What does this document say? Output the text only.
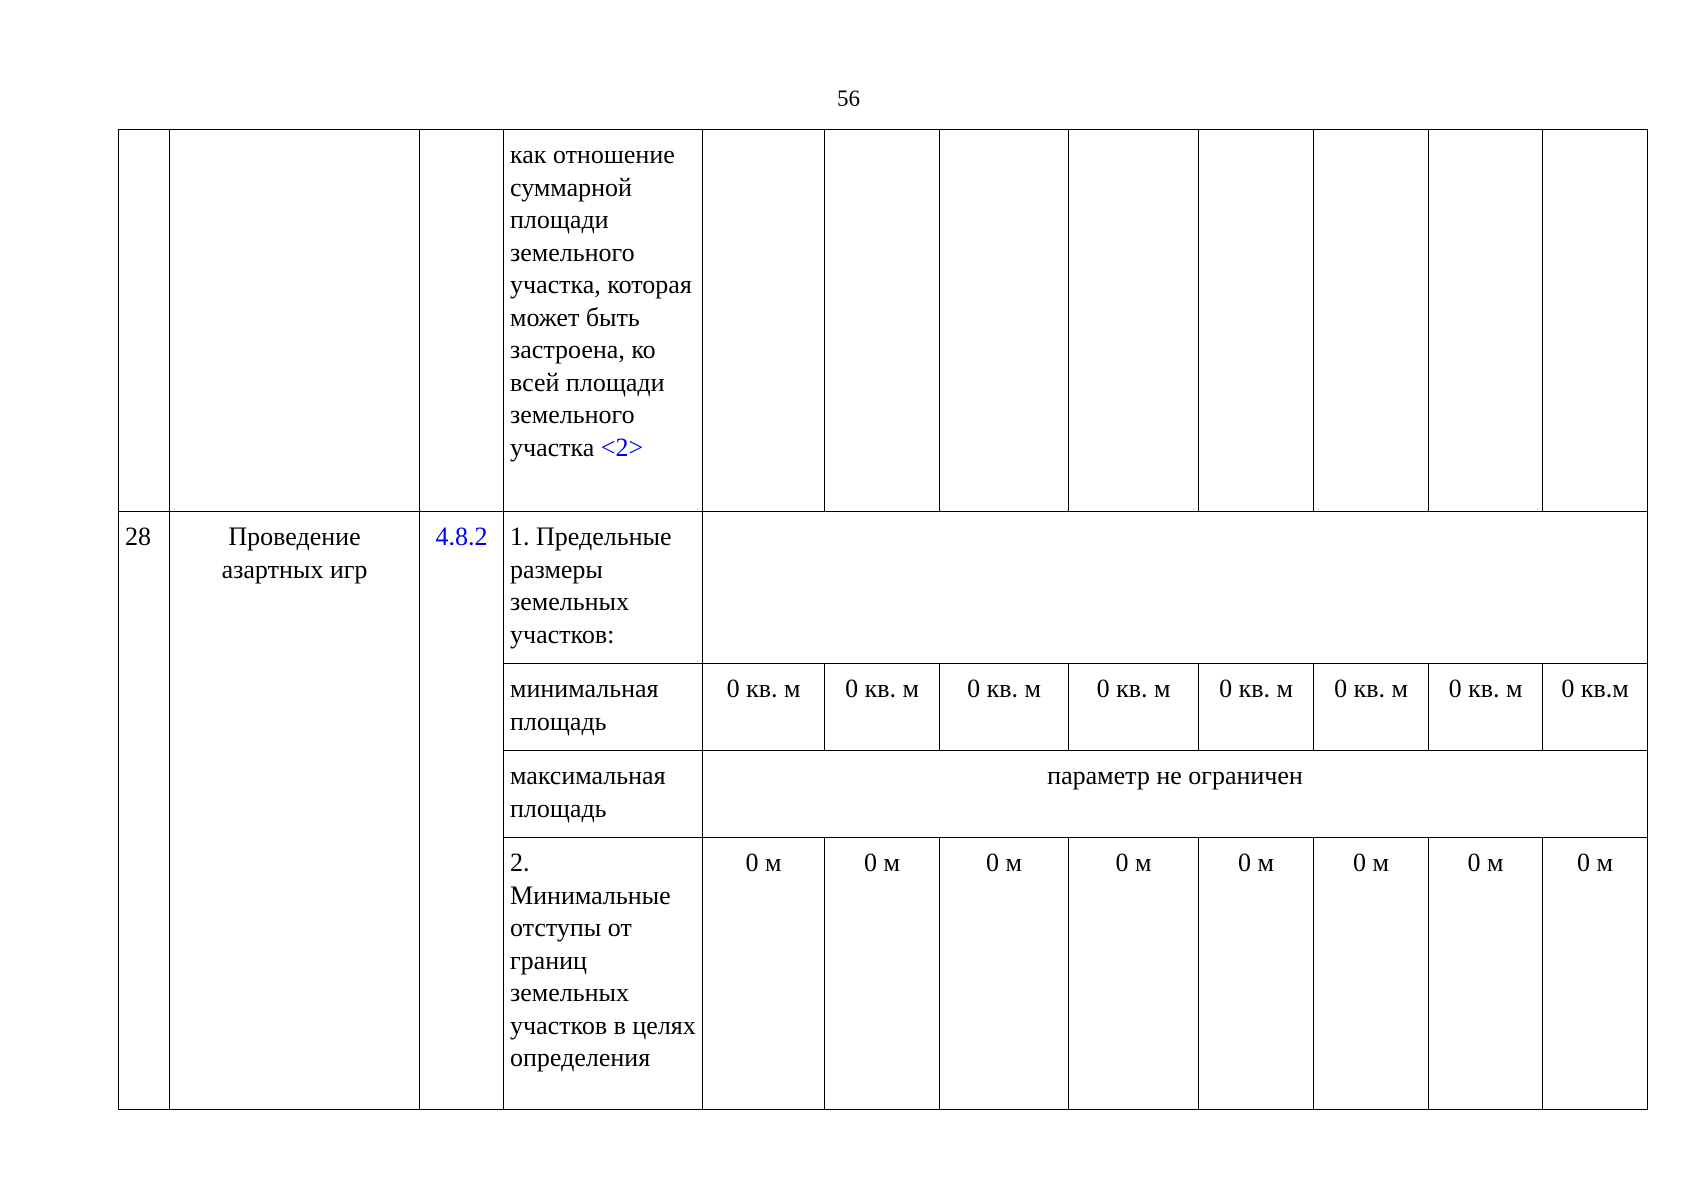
56
			как отношение суммарной площади земельного участка, которая может быть застроена, ко всей площади земельного участка <2>								
28	Проведение азартных игр	4.8.2	1. Предельные размеры земельных участков:								
			минимальная площадь	0 кв. м	0 кв. м	0 кв. м	0 кв. м	0 кв. м	0 кв. м	0 кв. м	0 кв.м
			максимальная площадь	параметр не ограничен							
			2. Минимальные отступы от границ земельных участков в целях определения	0 м	0 м	0 м	0 м	0 м	0 м	0 м	0 м
